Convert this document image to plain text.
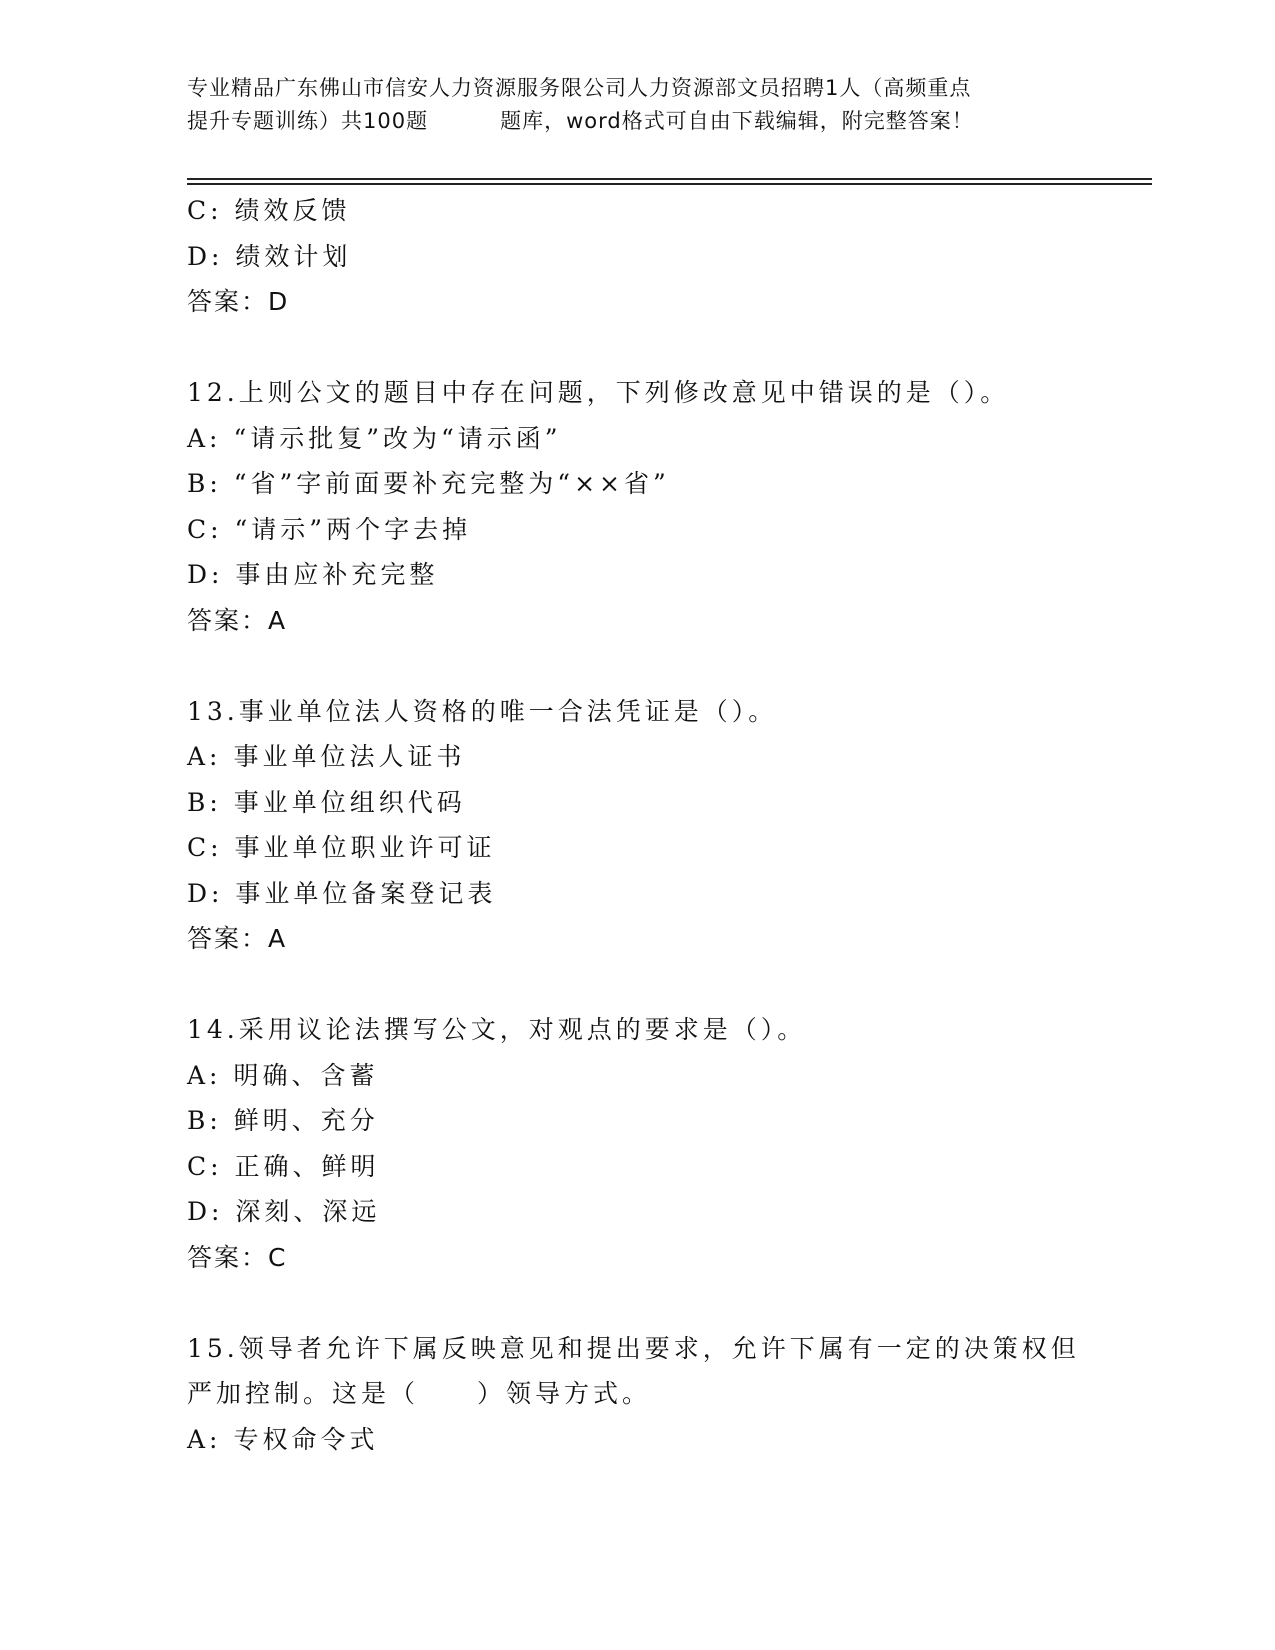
专业精品广东佛山市信安人力资源服务限公司人力资源部文员招聘1人（高频重点
提升专题训练）共100题	题库，word格式可自由下载编辑，附完整答案！
C: 绩效反馈
D: 绩效计划
答案：D
12.上则公文的题目中存在问题，下列修改意见中错误的是（）。
A: “请示批复”改为“请示函”
B: “省”字前面要补充完整为“××省”
C: “请示”两个字去掉
D: 事由应补充完整
答案：A
13.事业单位法人资格的唯一合法凭证是（）。
A: 事业单位法人证书
B: 事业单位组织代码
C: 事业单位职业许可证
D: 事业单位备案登记表
答案：A
14.采用议论法撰写公文，对观点的要求是（）。
A: 明确、含蓄
B: 鲜明、充分
C: 正确、鲜明
D: 深刻、深远
答案：C
15.领导者允许下属反映意见和提出要求，允许下属有一定的决策权但
严加控制。这是（　　）领导方式。
A: 专权命令式
